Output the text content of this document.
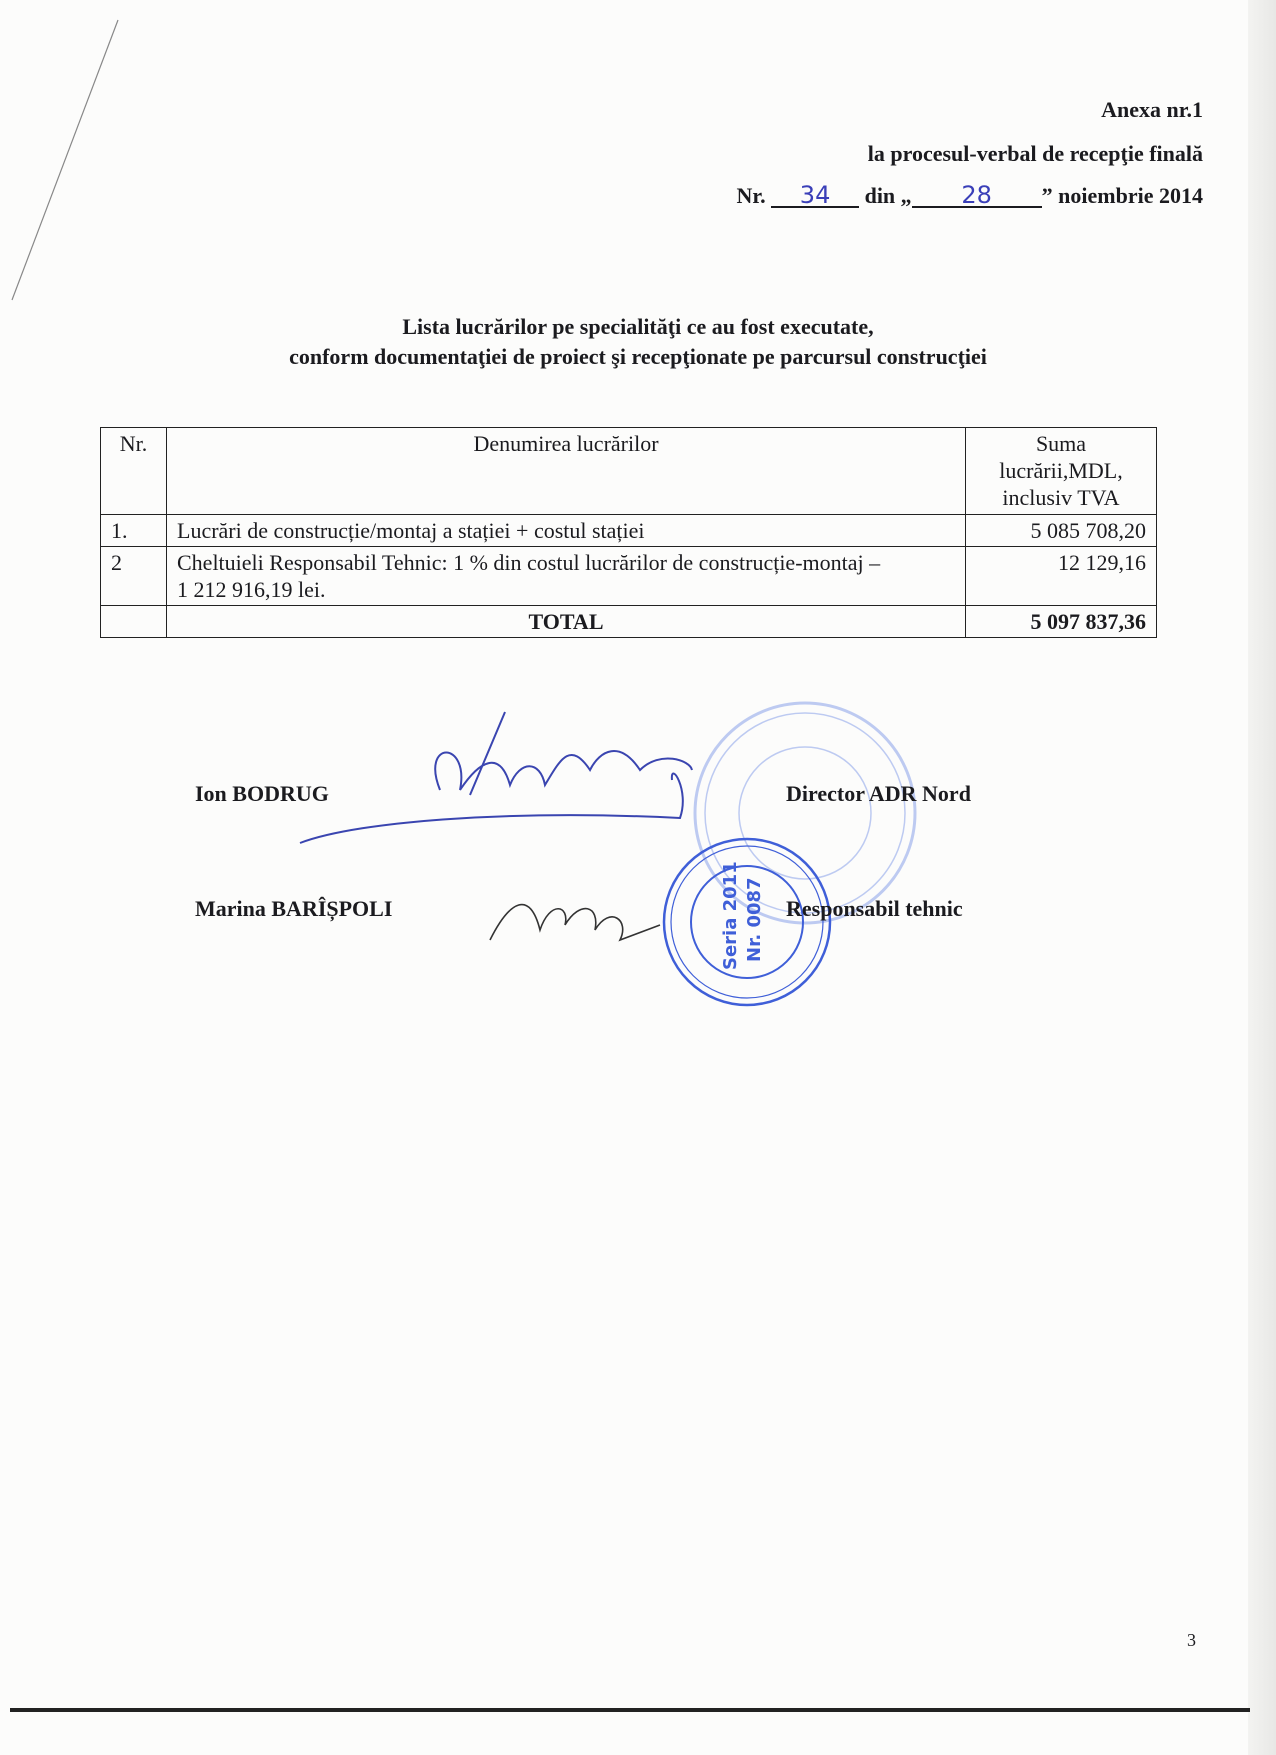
Anexa nr.1
la procesul-verbal de recepţie finală
Nr. 34 din „ 28 ” noiembrie 2014
Lista lucrărilor pe specialităţi ce au fost executate,
conform documentaţiei de proiect şi recepţionate pe parcursul construcţiei
Nr.	Denumirea lucrărilor	Suma lucrării,MDL, inclusiv TVA
1.	Lucrări de construcție/montaj a stației + costul stației	5 085 708,20
2	Cheltuieli Responsabil Tehnic: 1 % din costul lucrărilor de construcție-montaj – 1 212 916,19 lei.	12 129,16
	TOTAL	5 097 837,36
Seria 2011 Nr. 0087
Ion BODRUG	Director ADR Nord
Marina BARÎȘPOLI	Responsabil tehnic
3
